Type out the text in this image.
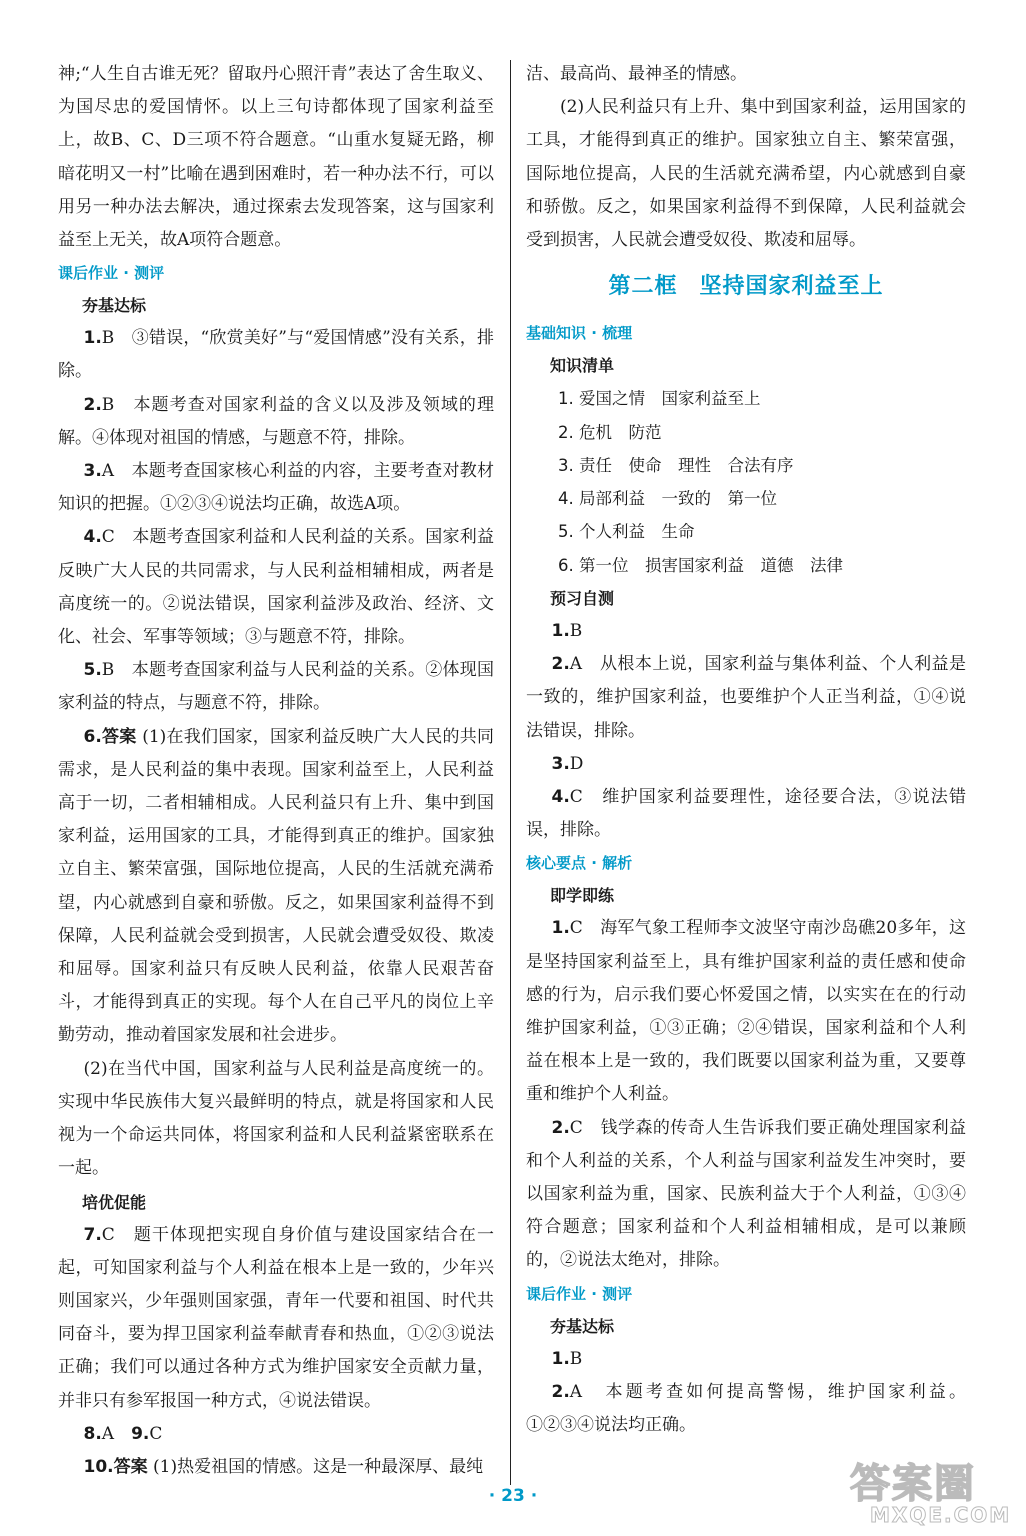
神;“人生自古谁无死？留取丹心照汗青”表达了舍生取义、为国尽忠的爱国情怀。以上三句诗都体现了国家利益至上，故B、C、D三项不符合题意。“山重水复疑无路，柳暗花明又一村”比喻在遇到困难时，若一种办法不行，可以用另一种办法去解决，通过探索去发现答案，这与国家利益至上无关，故A项符合题意。

课后作业 · 测评

夯基达标

1.B　③错误，“欣赏美好”与“爱国情感”没有关系，排除。

2.B　本题考查对国家利益的含义以及涉及领域的理解。④体现对祖国的情感，与题意不符，排除。

3.A　本题考查国家核心利益的内容，主要考查对教材知识的把握。①②③④说法均正确，故选A项。

4.C　本题考查国家利益和人民利益的关系。国家利益反映广大人民的共同需求，与人民利益相辅相成，两者是高度统一的。②说法错误，国家利益涉及政治、经济、文化、社会、军事等领域；③与题意不符，排除。

5.B　本题考查国家利益与人民利益的关系。②体现国家利益的特点，与题意不符，排除。

6.答案 (1)在我们国家，国家利益反映广大人民的共同需求，是人民利益的集中表现。国家利益至上，人民利益高于一切，二者相辅相成。人民利益只有上升、集中到国家利益，运用国家的工具，才能得到真正的维护。国家独立自主、繁荣富强，国际地位提高，人民的生活就充满希望，内心就感到自豪和骄傲。反之，如果国家利益得不到保障，人民利益就会受到损害，人民就会遭受奴役、欺凌和屈辱。国家利益只有反映人民利益，依靠人民艰苦奋斗，才能得到真正的实现。每个人在自己平凡的岗位上辛勤劳动，推动着国家发展和社会进步。

(2)在当代中国，国家利益与人民利益是高度统一的。实现中华民族伟大复兴最鲜明的特点，就是将国家和人民视为一个命运共同体，将国家利益和人民利益紧密联系在一起。

培优促能

7.C　题干体现把实现自身价值与建设国家结合在一起，可知国家利益与个人利益在根本上是一致的，少年兴则国家兴，少年强则国家强，青年一代要和祖国、时代共同奋斗，要为捍卫国家利益奉献青春和热血，①②③说法正确；我们可以通过各种方式为维护国家安全贡献力量，并非只有参军报国一种方式，④说法错误。

8.A　 9.C

10.答案 (1)热爱祖国的情感。这是一种最深厚、最纯

洁、最高尚、最神圣的情感。

(2)人民利益只有上升、集中到国家利益，运用国家的工具，才能得到真正的维护。国家独立自主、繁荣富强，国际地位提高，人民的生活就充满希望，内心就感到自豪和骄傲。反之，如果国家利益得不到保障，人民利益就会受到损害，人民就会遭受奴役、欺凌和屈辱。

第二框 坚持国家利益至上

基础知识 · 梳理

知识清单

1. 爱国之情　国家利益至上

2. 危机　防范

3. 责任　使命　理性　合法有序

4. 局部利益　一致的　第一位

5. 个人利益　生命

6. 第一位　损害国家利益　道德　法律

预习自测

1.B

2.A　从根本上说，国家利益与集体利益、个人利益是一致的，维护国家利益，也要维护个人正当利益，①④说法错误，排除。

3.D

4.C　维护国家利益要理性，途径要合法，③说法错误，排除。

核心要点 · 解析

即学即练

1.C　海军气象工程师李文波坚守南沙岛礁20多年，这是坚持国家利益至上，具有维护国家利益的责任感和使命感的行为，启示我们要心怀爱国之情，以实实在在的行动维护国家利益，①③正确；②④错误，国家利益和个人利益在根本上是一致的，我们既要以国家利益为重，又要尊重和维护个人利益。

2.C　钱学森的传奇人生告诉我们要正确处理国家利益和个人利益的关系，个人利益与国家利益发生冲突时，要以国家利益为重，国家、民族利益大于个人利益，①③④符合题意；国家利益和个人利益相辅相成，是可以兼顾的，②说法太绝对，排除。

课后作业 · 测评

夯基达标

1.B

2.A　本题考查如何提高警惕，维护国家利益。①②③④说法均正确。

· 23 ·	答案圈
MXQE.COM
